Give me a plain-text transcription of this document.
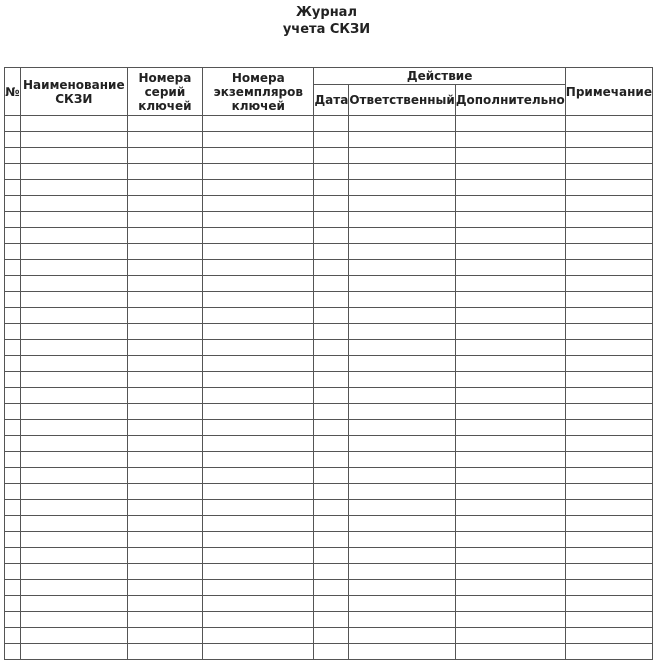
Журнал
учета СКЗИ
№	Наименование СКЗИ	Номера серий ключей	Номера экземпляров ключей	Действие			Примечание
				Дата	Ответственный	Дополнительно	
